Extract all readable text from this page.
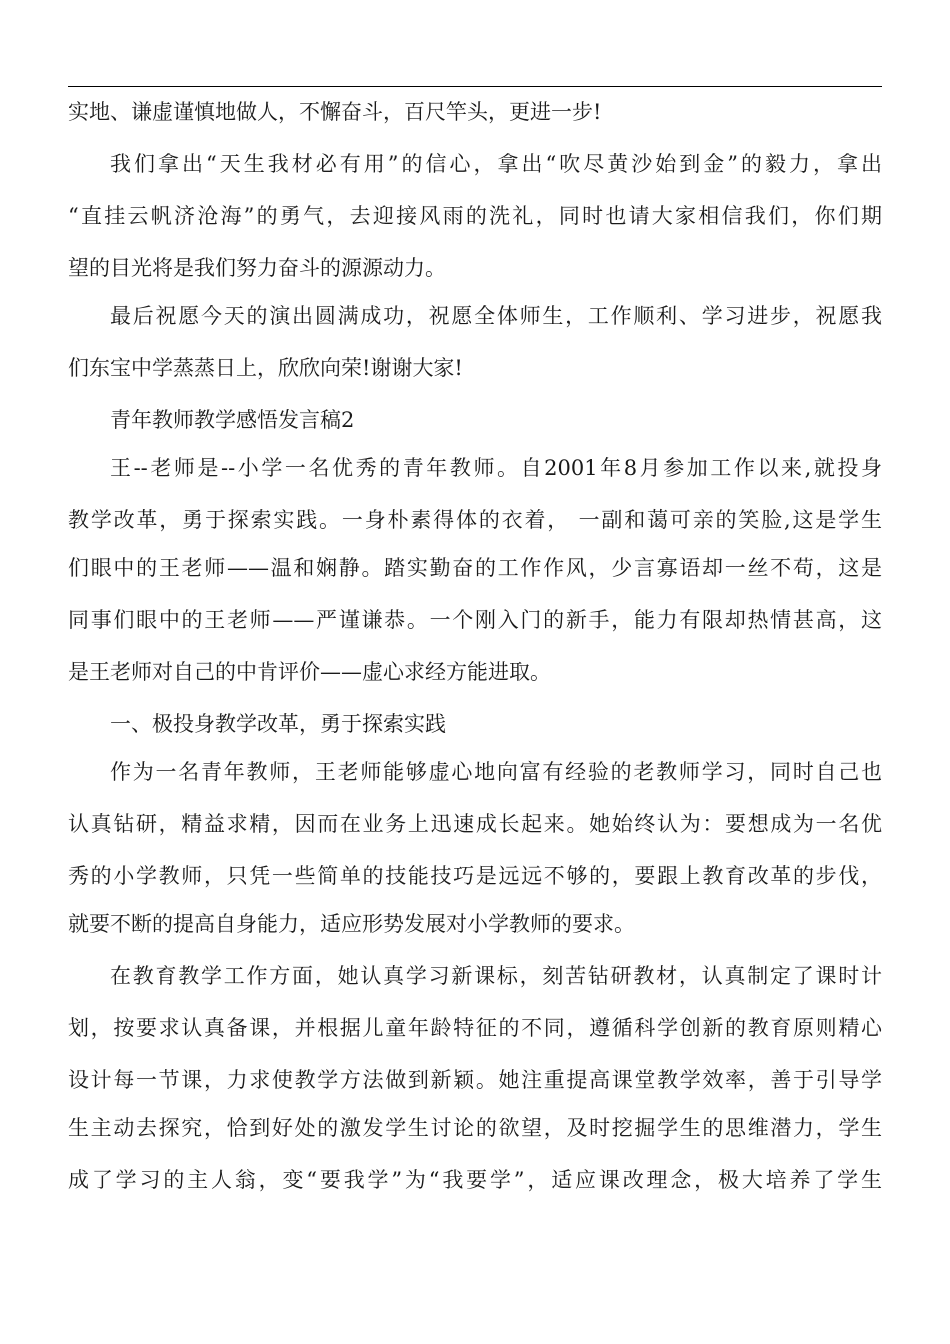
实地、谦虚谨慎地做人，不懈奋斗，百尺竿头，更进一步!
我们拿出“天生我材必有用”的信心，拿出“吹尽黄沙始到金”的毅力，拿出
“直挂云帆济沧海”的勇气，去迎接风雨的洗礼，同时也请大家相信我们，你们期
望的目光将是我们努力奋斗的源源动力。
最后祝愿今天的演出圆满成功，祝愿全体师生，工作顺利、学习进步，祝愿我
们东宝中学蒸蒸日上，欣欣向荣!谢谢大家!
青年教师教学感悟发言稿2
王--老师是--小学一名优秀的青年教师。自2001年8月参加工作以来,就投身
教学改革，勇于探索实践。一身朴素得体的衣着， 一副和蔼可亲的笑脸,这是学生
们眼中的王老师——温和娴静。踏实勤奋的工作作风，少言寡语却一丝不苟，这是
同事们眼中的王老师——严谨谦恭。一个刚入门的新手，能力有限却热情甚高，这
是王老师对自己的中肯评价——虚心求经方能进取。
一、极投身教学改革，勇于探索实践
作为一名青年教师，王老师能够虚心地向富有经验的老教师学习，同时自己也
认真钻研，精益求精，因而在业务上迅速成长起来。她始终认为：要想成为一名优
秀的小学教师，只凭一些简单的技能技巧是远远不够的，要跟上教育改革的步伐，
就要不断的提高自身能力，适应形势发展对小学教师的要求。
在教育教学工作方面，她认真学习新课标，刻苦钻研教材，认真制定了课时计
划，按要求认真备课，并根据儿童年龄特征的不同，遵循科学创新的教育原则精心
设计每一节课，力求使教学方法做到新颖。她注重提高课堂教学效率，善于引导学
生主动去探究，恰到好处的激发学生讨论的欲望，及时挖掘学生的思维潜力，学生
成了学习的主人翁，变“要我学”为“我要学”，适应课改理念，极大培养了学生
